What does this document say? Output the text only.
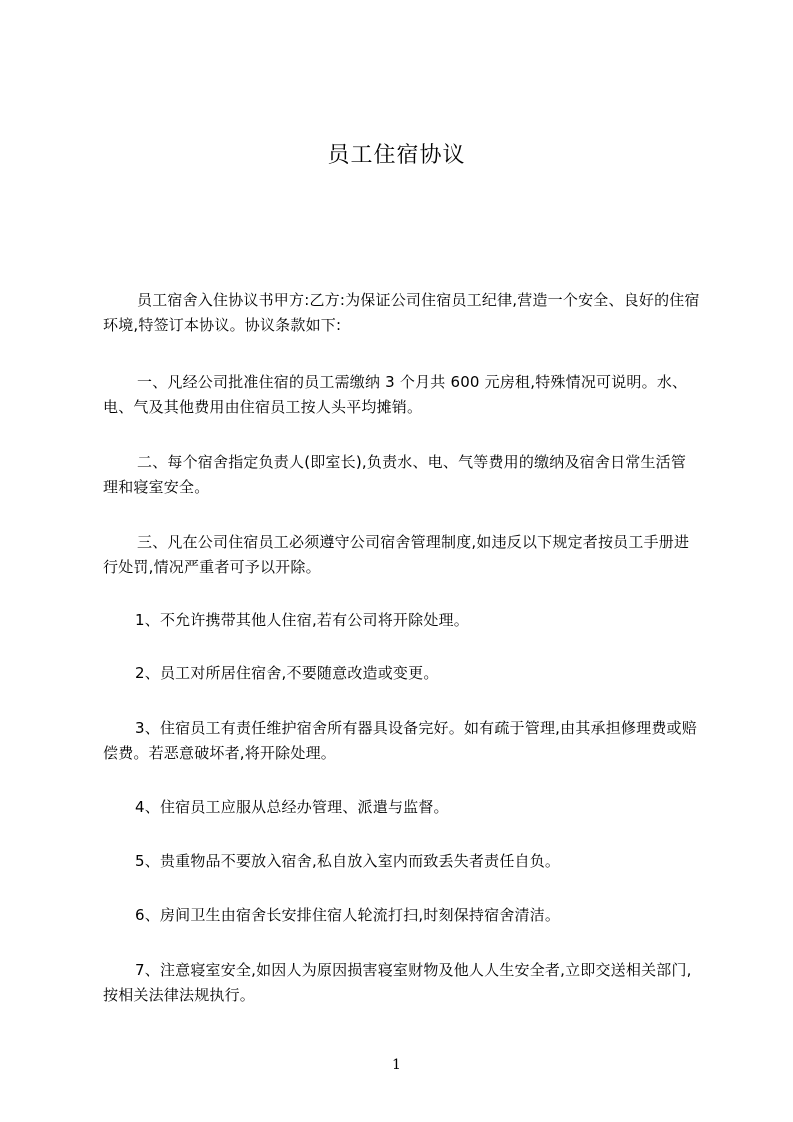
员工住宿协议
员工宿舍入住协议书甲方:乙方:为保证公司住宿员工纪律,营造一个安全、良好的住宿环境,特签订本协议。协议条款如下:
一、凡经公司批准住宿的员工需缴纳 3 个月共 600 元房租,特殊情况可说明。水、电、气及其他费用由住宿员工按人头平均摊销。
二、每个宿舍指定负责人(即室长),负责水、电、气等费用的缴纳及宿舍日常生活管理和寝室安全。
三、凡在公司住宿员工必须遵守公司宿舍管理制度,如违反以下规定者按员工手册进行处罚,情况严重者可予以开除。
1、不允许携带其他人住宿,若有公司将开除处理。
2、员工对所居住宿舍,不要随意改造或变更。
3、住宿员工有责任维护宿舍所有器具设备完好。如有疏于管理,由其承担修理费或赔偿费。若恶意破坏者,将开除处理。
4、住宿员工应服从总经办管理、派遣与监督。
5、贵重物品不要放入宿舍,私自放入室内而致丢失者责任自负。
6、房间卫生由宿舍长安排住宿人轮流打扫,时刻保持宿舍清洁。
7、注意寝室安全,如因人为原因损害寝室财物及他人人生安全者,立即交送相关部门,按相关法律法规执行。
1
